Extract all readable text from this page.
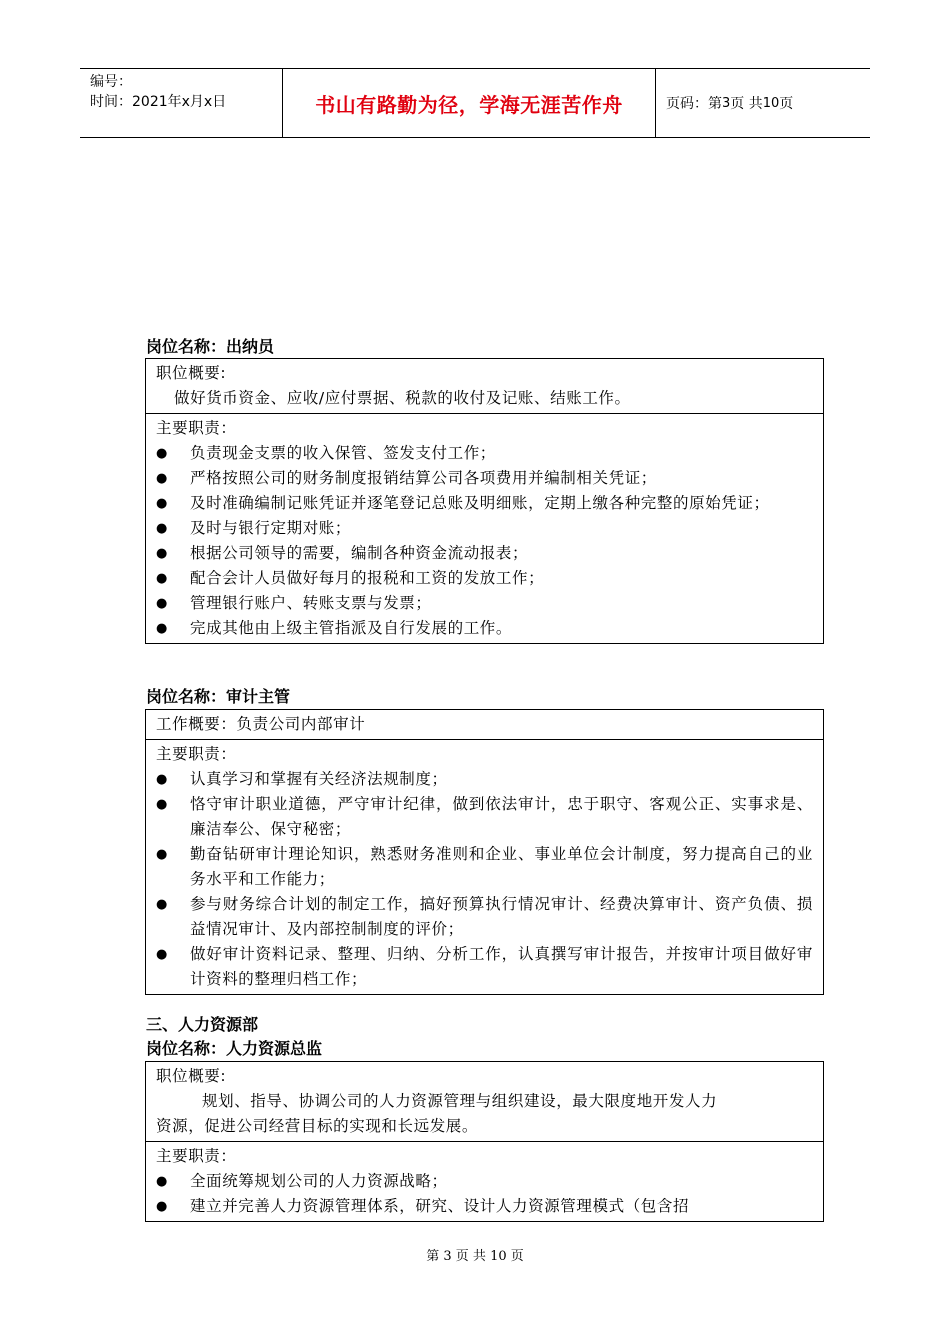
编号：
时间：2021年x月x日	书山有路勤为径，学海无涯苦作舟	页码：第 3 页 共 10 页
岗位名称：出纳员
职位概要:
做好货币资金、应收/应付票据、税款的收付及记账、结账工作。
主要职责：
●	负责现金支票的收入保管、签发支付工作；
●	严格按照公司的财务制度报销结算公司各项费用并编制相关凭证；
●	及时准确编制记账凭证并逐笔登记总账及明细账，定期上缴各种完整的原始凭证；
●	及时与银行定期对账；
●	根据公司领导的需要，编制各种资金流动报表；
●	配合会计人员做好每月的报税和工资的发放工作；
●	管理银行账户、转账支票与发票；
●	完成其他由上级主管指派及自行发展的工作。
岗位名称：审计主管
工作概要：负责公司内部审计
主要职责：
●	认真学习和掌握有关经济法规制度；
●	恪守审计职业道德，严守审计纪律，做到依法审计，忠于职守、客观公正、实事求是、廉洁奉公、保守秘密；
●	勤奋钻研审计理论知识，熟悉财务准则和企业、事业单位会计制度，努力提高自己的业务水平和工作能力；
●	参与财务综合计划的制定工作，搞好预算执行情况审计、经费决算审计、资产负债、损益情况审计、及内部控制制度的评价；
●	做好审计资料记录、整理、归纳、分析工作，认真撰写审计报告，并按审计项目做好审计资料的整理归档工作；
三、人力资源部
岗位名称：人力资源总监
职位概要:
规划、指导、协调公司的人力资源管理与组织建设，最大限度地开发人力
资源，促进公司经营目标的实现和长远发展。
主要职责：
●	全面统筹规划公司的人力资源战略；
●	建立并完善人力资源管理体系，研究、设计人力资源管理模式（包含招
第 3 页 共 10 页
